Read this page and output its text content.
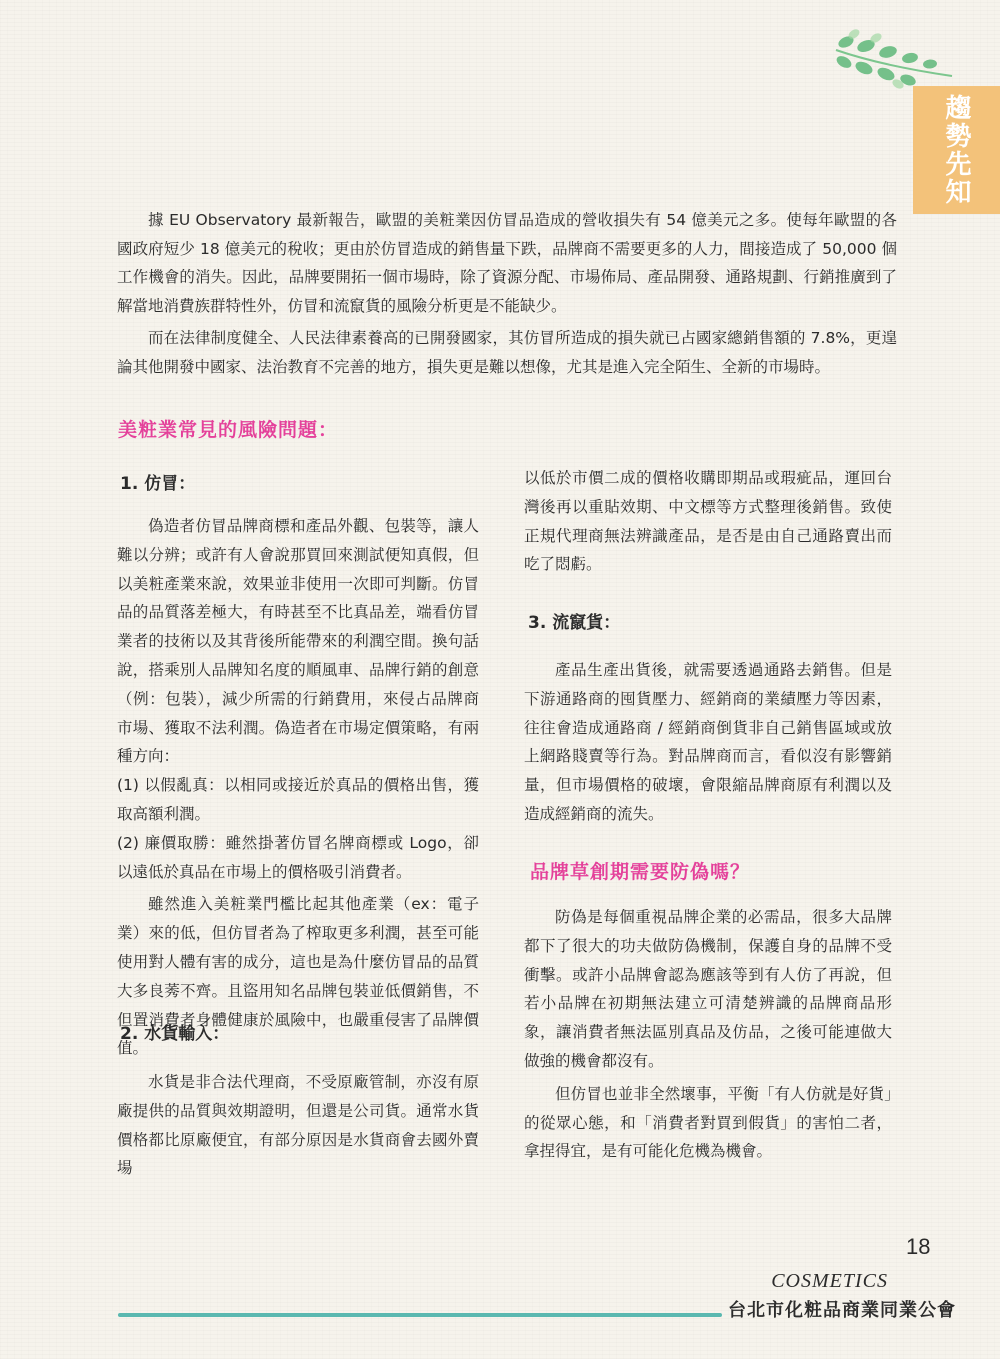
趨勢先知

據 EU Observatory 最新報告，歐盟的美粧業因仿冒品造成的營收損失有 54 億美元之多。使每年歐盟的各國政府短少 18 億美元的稅收；更由於仿冒造成的銷售量下跌，品牌商不需要更多的人力，間接造成了 50,000 個工作機會的消失。因此，品牌要開拓一個市場時，除了資源分配、市場佈局、產品開發、通路規劃、行銷推廣到了解當地消費族群特性外，仿冒和流竄貨的風險分析更是不能缺少。

而在法律制度健全、人民法律素養高的已開發國家，其仿冒所造成的損失就已占國家總銷售額的 7.8%，更遑論其他開發中國家、法治教育不完善的地方，損失更是難以想像，尤其是進入完全陌生、全新的市場時。

美粧業常見的風險問題：
1. 仿冒：

偽造者仿冒品牌商標和產品外觀、包裝等，讓人難以分辨；或許有人會說那買回來測試便知真假，但以美粧產業來說，效果並非使用一次即可判斷。仿冒品的品質落差極大，有時甚至不比真品差，端看仿冒業者的技術以及其背後所能帶來的利潤空間。換句話說，搭乘別人品牌知名度的順風車、品牌行銷的創意（例：包裝），減少所需的行銷費用，來侵占品牌商市場、獲取不法利潤。偽造者在市場定價策略，有兩種方向：

(1) 以假亂真：以相同或接近於真品的價格出售，獲取高額利潤。

(2) 廉價取勝：雖然掛著仿冒名牌商標或 Logo，卻以遠低於真品在市場上的價格吸引消費者。

雖然進入美粧業門檻比起其他產業（ex：電子業）來的低，但仿冒者為了榨取更多利潤，甚至可能使用對人體有害的成分，這也是為什麼仿冒品的品質大多良莠不齊。且盜用知名品牌包裝並低價銷售，不但置消費者身體健康於風險中，也嚴重侵害了品牌價值。

2. 水貨輸入：

水貨是非合法代理商，不受原廠管制，亦沒有原廠提供的品質與效期證明，但還是公司貨。通常水貨價格都比原廠便宜，有部分原因是水貨商會去國外賣場

以低於市價二成的價格收購即期品或瑕疵品，運回台灣後再以重貼效期、中文標等方式整理後銷售。致使正規代理商無法辨識產品，是否是由自己通路賣出而吃了悶虧。

3. 流竄貨：

產品生產出貨後，就需要透過通路去銷售。但是下游通路商的囤貨壓力、經銷商的業績壓力等因素，往往會造成通路商 / 經銷商倒貨非自己銷售區域或放上網路賤賣等行為。對品牌商而言，看似沒有影響銷量，但市場價格的破壞，會限縮品牌商原有利潤以及造成經銷商的流失。

品牌草創期需要防偽嗎？

防偽是每個重視品牌企業的必需品，很多大品牌都下了很大的功夫做防偽機制，保護自身的品牌不受衝擊。或許小品牌會認為應該等到有人仿了再說，但若小品牌在初期無法建立可清楚辨識的品牌商品形象，讓消費者無法區別真品及仿品，之後可能連做大做強的機會都沒有。

但仿冒也並非全然壞事，平衡「有人仿就是好貨」的從眾心態，和「消費者對買到假貨」的害怕二者，拿捏得宜，是有可能化危機為機會。

18
COSMETICS
台北市化粧品商業同業公會
